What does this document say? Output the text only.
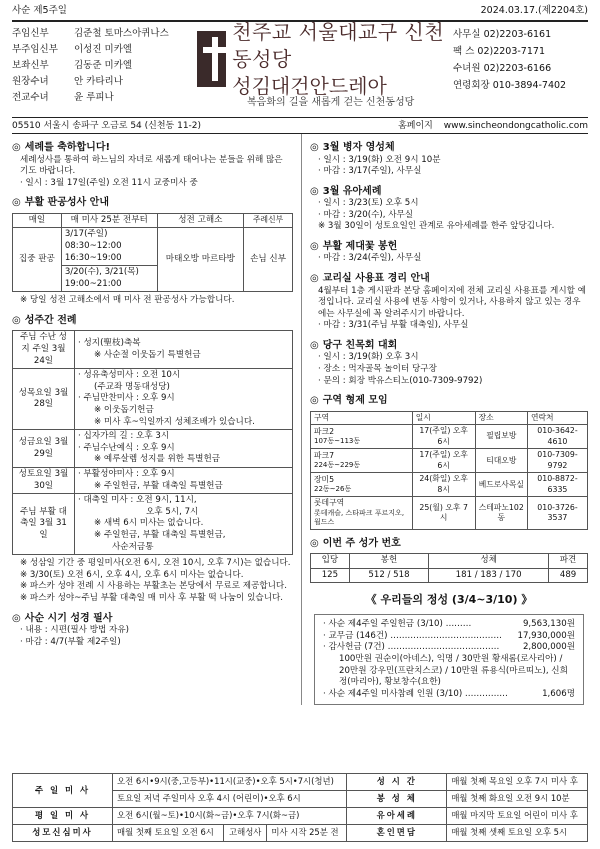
사순 제5주일	2024.03.17.(제2204호)
주임신부	김준철 토마스아퀴나스
부주임신부 이성진 미카엘
보좌신부	김동준 미카엘
원장수녀	안 카타리나
전교수녀	윤 루피나
천주교 서울대교구 신천동성당
성김대건안드레아
복음화의 길을 새롭게 걷는 신천동성당
사무실 02)2203-6161
팩 스 02)2203-7171
수녀원 02)2203-6166
연령회장 010-3894-7402
05510 서울시 송파구 오금로 54 (신천동 11-2)	홈페이지 www.sincheondongcatholic.com
◎ 세례를 축하합니다!
세례성사를 통하여 하느님의 자녀로 새롭게 태어나는 분들을 위해 많은 기도 바랍니다.
· 일시 : 3월 17일(주일) 오전 11시 교중미사 중
◎ 부활 판공성사 안내
매일	매 미사 25분 전부터	성전 고해소	주례신부
집중 판공	3/17(주일)
08:30~12:00
16:30~19:00	마태오방 마르타방	손님 신부

	3/20(수), 3/21(목)
19:00~21:00		
※ 당일 성전 고해소에서 매 미사 전 판공성사 가능합니다.
◎ 성주간 전례
주님 수난 성지 주일 3월 24일	· 성지(聖枝)축복
※ 사순절 이웃돕기 특별헌금

성목요일 3월 28일	· 성유축성미사 : 오전 10시
(주교좌 명동대성당)
· 주님만찬미사 : 오후 9시
※ 이웃돕기헌금
※ 미사 후~익일까지 성체조배가 있습니다.

성금요일 3월 29일	· 십자가의 길 : 오후 3시
· 주님수난예식 : 오후 9시
※ 예루살렘 성지를 위한 특별헌금

성토요일 3월 30일	· 부활성야미사 : 오후 9시
※ 주일헌금, 부활 대축일 특별헌금

주님 부활 대축일 3월 31일	· 대축일 미사 : 오전 9시, 11시,
오후 5시, 7시
※ 새벽 6시 미사는 없습니다.
※ 주일헌금, 부활 대축일 특별헌금,
사순저금통
※ 성삼일 기간 중 평일미사(오전 6시, 오전 10시, 오후 7시)는 없습니다.
※ 3/30(토) 오전 6시, 오후 4시, 오후 6시 미사는 없습니다.
※ 파스카 성야 전례 시 사용하는 부활초는 본당에서 무료로 제공합니다.
※ 파스카 성야~주님 부활 대축일 매 미사 후 부활 떡 나눔이 있습니다.
◎ 사순 시기 성경 필사
· 내용 : 시편(필사 방법 자유)
· 마감 : 4/7(부활 제2주일)
◎ 3월 병자 영성체
· 일시 : 3/19(화) 오전 9시 10분
· 마감 : 3/17(주일), 사무실
◎ 3월 유아세례
· 일시 : 3/23(토) 오후 5시
· 마감 : 3/20(수), 사무실
※ 3월 30일이 성토요일인 관계로 유아세례를 한주 앞당깁니다.
◎ 부활 제대꽃 봉헌
· 마감 : 3/24(주일), 사무실
◎ 교리실 사용표 경리 안내
4월부터 1층 게시판과 본당 홈페이지에 전체 교리실 사용표를 게시할 예정입니다. 교리실 사용에 변동 사항이 있거나, 사용하지 않고 있는 경우에는 사무실에 꼭 알려주시기 바랍니다.
· 마감 : 3/31(주님 부활 대축일), 사무실
◎ 당구 친목회 대회
· 일시 : 3/19(화) 오후 3시
· 장소 : 먹자골목 놀이터 당구장
· 문의 : 회장 박유스티노(010-7309-9792)
◎ 구역 형제 모임
구역	일시	장소	연락처

파크2
107동~113동	17(주일) 오후 6시	필립보방	010-3642-4610

파크7
224동~229동	17(주일) 오후 6시	티대오방	010-7309-9792

장미5
22동~26동	24(화일) 오후 8시	베드로사목실	010-8872-6335

롯데구역
롯데캐슬, 스타파크 푸르지오, 월드스	25(월) 오후 7시	스테파노102동	010-3726-3537
◎ 이번 주 성가 번호
입당	봉헌	성체	파견
125	512 / 518	181 / 183 / 170	489
《 우리들의 정성 (3/4~3/10) 》
· 사순 제4주일 주일헌금 (3/10) ………	9,563,130원
· 교무금 (146건) ………………………………… 17,930,000원
· 감사헌금 (7건) …………………………………	2,800,000원
100만원 권순이(아네스), 익명 / 30만원 황새롬(로사리아) / 20만원 강우민(프란치스코) / 10만원 류용식(마르띠노), 신희정(마리아), 황보창수(요한)
· 사순 제4주일 미사참례 인원 (3/10) ……………	1,606명
주 일 미 사	오전 6시•9시(중,고등부)•11시(교중)•오후 5시•7시(청년)			성 시 간	매월 첫째 목요일 오후 7시 미사 후
	토요일 저녁 주일미사 오후 4시 (어린이)•오후 6시			봉 성 체	매월 첫째 화요일 오전 9시 10분
평 일 미 사	오전 6시(월~토)•10시(화~금)•오후 7시(화~금)			유아세례	매월 마지막 토요일 어린이 미사 후
성모신심미사	매월 첫째 토요일 오전 6시	고해성사	미사 시작 25분 전	혼인면담	매월 첫째 셋째 토요일 오후 5시
